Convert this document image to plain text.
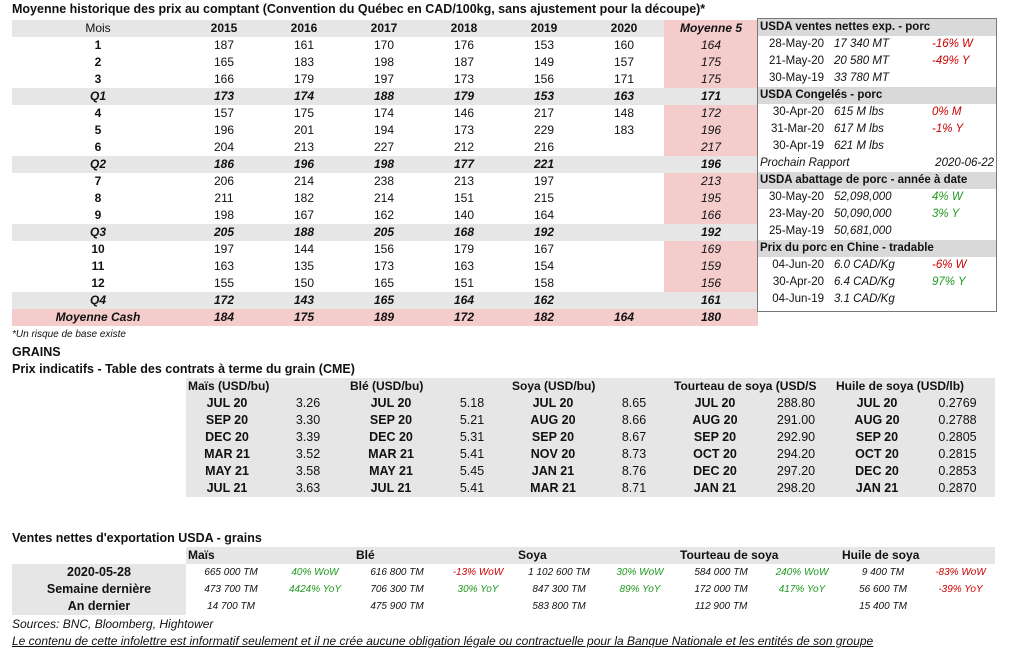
Moyenne historique des prix au comptant (Convention du Québec en CAD/100kg, sans ajustement pour la découpe)*
Mois	2015	2016	2017	2018	2019	2020	Moyenne 5
1	187	161	170	176	153	160	164
2	165	183	198	187	149	157	175
3	166	179	197	173	156	171	175
Q1	173	174	188	179	153	163	171
4	157	175	174	146	217	148	172
5	196	201	194	173	229	183	196
6	204	213	227	212	216		217
Q2	186	196	198	177	221		196
7	206	214	238	213	197		213
8	211	182	214	151	215		195
9	198	167	162	140	164		166
Q3	205	188	205	168	192		192
10	197	144	156	179	167		169
11	163	135	173	163	154		159
12	155	150	165	151	158		156
Q4	172	143	165	164	162		161
Moyenne Cash	184	175	189	172	182	164	180
*Un risque de base existe
USDA ventes nettes exp. - porc		
28-May-20	17 340 MT	-16% W
21-May-20	20 580 MT	-49% Y
30-May-19	33 780 MT	
USDA Congelés - porc		
30-Apr-20	615 M lbs	0% M
31-Mar-20	617 M lbs	-1% Y
30-Apr-19	621 M lbs	
Prochain Rapport		2020-06-22
USDA abattage de porc - année à date		
30-May-20	52,098,000	4% W
23-May-20	50,090,000	3% Y
25-May-19	50,681,000	
Prix du porc en Chine - tradable		
04-Jun-20	6.0 CAD/Kg	-6% W
30-Apr-20	6.4 CAD/Kg	97% Y
04-Jun-19	3.1 CAD/Kg	
GRAINS
Prix indicatifs - Table des contrats à terme du grain (CME)
Maïs (USD/bu)		Blé (USD/bu)		Soya (USD/bu)		Tourteau de soya (USD/S		Huile de soya (USD/lb)	
JUL 20	3.26	JUL 20	5.18	JUL 20	8.65	JUL 20	288.80	JUL 20	0.2769
SEP 20	3.30	SEP 20	5.21	AUG 20	8.66	AUG 20	291.00	AUG 20	0.2788
DEC 20	3.39	DEC 20	5.31	SEP 20	8.67	SEP 20	292.90	SEP 20	0.2805
MAR 21	3.52	MAR 21	5.41	NOV 20	8.73	OCT 20	294.20	OCT 20	0.2815
MAY 21	3.58	MAY 21	5.45	JAN 21	8.76	DEC 20	297.20	DEC 20	0.2853
JUL 21	3.63	JUL 21	5.41	MAR 21	8.71	JAN 21	298.20	JAN 21	0.2870
Ventes nettes d'exportation USDA - grains
	Maïs		Blé		Soya		Tourteau de soya		Huile de soya	
2020-05-28	665 000 TM	40% WoW	616 800 TM	-13% WoW	1 102 600 TM	30% WoW	584 000 TM	240% WoW	9 400 TM	-83% WoW
Semaine dernière	473 700 TM	4424% YoY	706 300 TM	30% YoY	847 300 TM	89% YoY	172 000 TM	417% YoY	56 600 TM	-39% YoY
An dernier	14 700 TM		475 900 TM		583 800 TM		112 900 TM		15 400 TM	
Sources: BNC, Bloomberg, Hightower
Le contenu de cette infolettre est informatif seulement et il ne crée aucune obligation légale ou contractuelle pour la Banque Nationale et les entités de son groupe
